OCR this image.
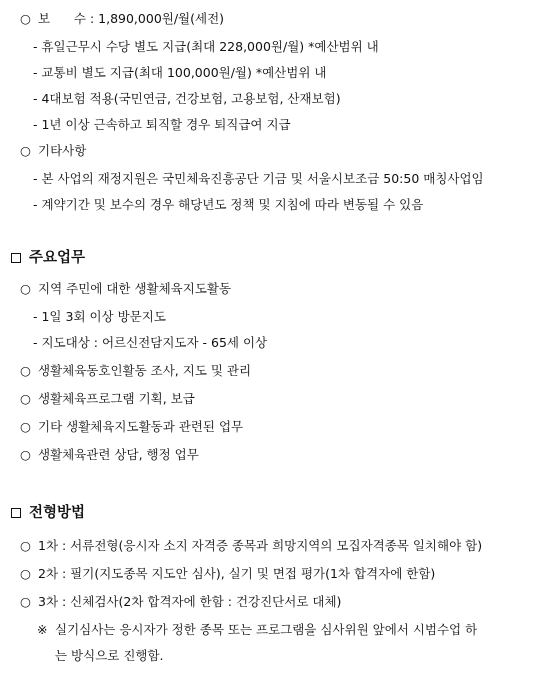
○ 보      수 : 1,890,000원/월(세전)
- 휴일근무시 수당 별도 지급(최대 228,000원/월) *예산범위 내
- 교통비 별도 지급(최대 100,000원/월) *예산범위 내
- 4대보험 적용(국민연금, 건강보험, 고용보험, 산재보험)
- 1년 이상 근속하고 퇴직할 경우 퇴직급여 지급
○ 기타사항
- 본 사업의 재정지원은 국민체육진흥공단 기금 및 서울시보조금 50:50 매칭사업임
- 계약기간 및 보수의 경우 해당년도 정책 및 지침에 따라 변동될 수 있음
주요업무
○ 지역 주민에 대한 생활체육지도활동
- 1일 3회 이상 방문지도
- 지도대상 : 어르신전담지도자 - 65세 이상
○ 생활체육동호인활동 조사, 지도 및 관리
○ 생활체육프로그램 기획, 보급
○ 기타 생활체육지도활동과 관련된 업무
○ 생활체육관련 상담, 행정 업무
전형방법
○ 1차 : 서류전형(응시자 소지 자격증 종목과 희망지역의 모집자격종목 일치해야 함)
○ 2차 : 필기(지도종목 지도안 심사), 실기 및 면접 평가(1차 합격자에 한함)
○ 3차 : 신체검사(2차 합격자에 한함 : 건강진단서로 대체)
※ 실기심사는 응시자가 정한 종목 또는 프로그램을 심사위원 앞에서 시범수업 하
는 방식으로 진행함.
